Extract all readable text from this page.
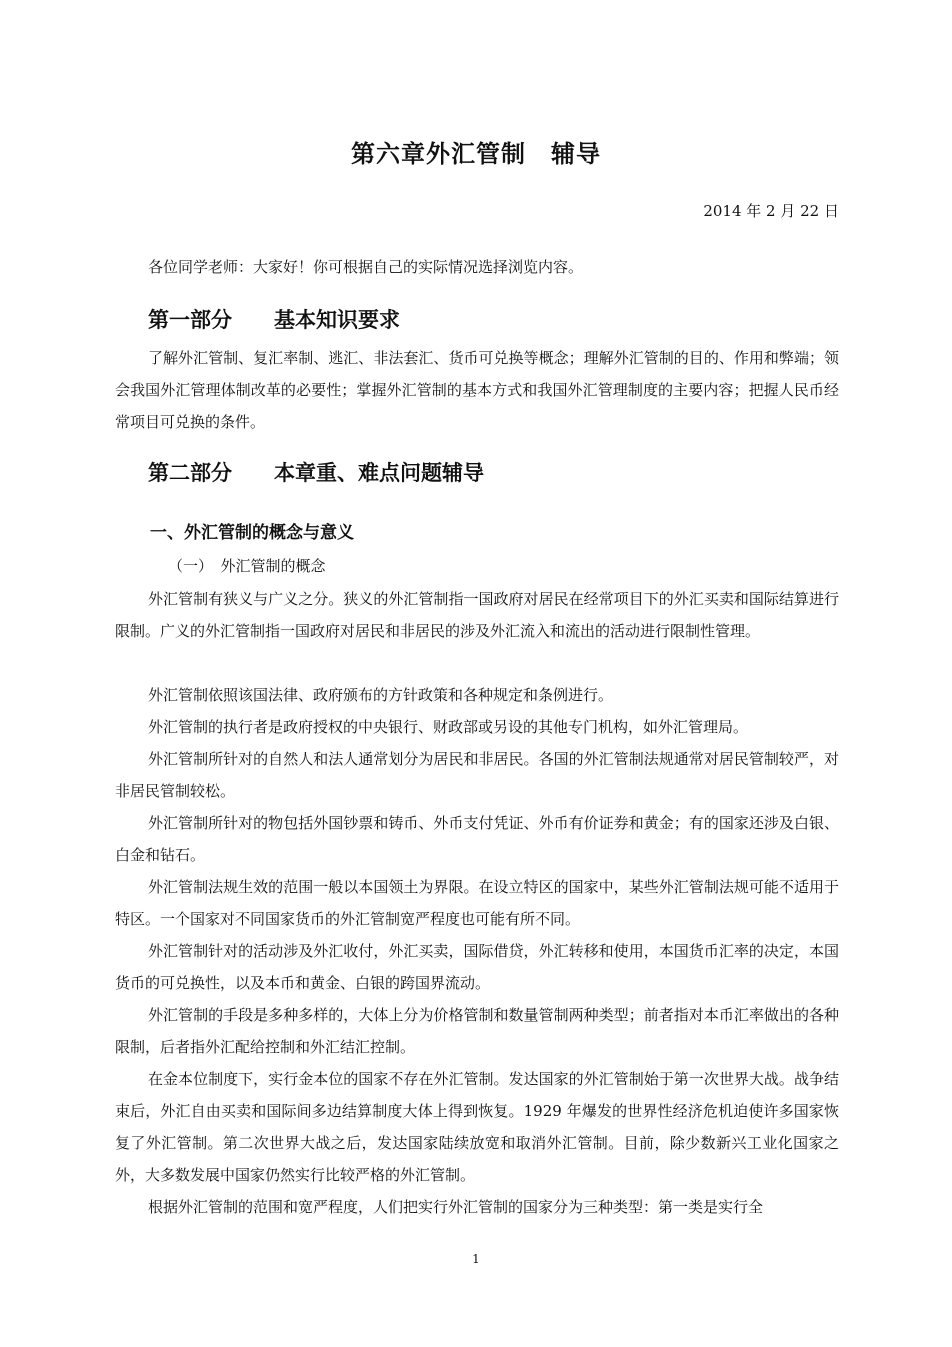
第六章外汇管制　辅导
2014 年 2 月 22 日
各位同学老师：大家好！你可根据自己的实际情况选择浏览内容。
第一部分　　基本知识要求

了解外汇管制、复汇率制、逃汇、非法套汇、货币可兑换等概念；理解外汇管制的目的、作用和弊端；领会我国外汇管理体制改革的必要性；掌握外汇管制的基本方式和我国外汇管理制度的主要内容；把握人民币经常项目可兑换的条件。

第二部分　　本章重、难点问题辅导
一、外汇管制的概念与意义
（一）　外汇管制的概念

外汇管制有狭义与广义之分。狭义的外汇管制指一国政府对居民在经常项目下的外汇买卖和国际结算进行限制。广义的外汇管制指一国政府对居民和非居民的涉及外汇流入和流出的活动进行限制性管理。

外汇管制依照该国法律、政府颁布的方针政策和各种规定和条例进行。

外汇管制的执行者是政府授权的中央银行、财政部或另设的其他专门机构，如外汇管理局。

外汇管制所针对的自然人和法人通常划分为居民和非居民。各国的外汇管制法规通常对居民管制较严，对非居民管制较松。

外汇管制所针对的物包括外国钞票和铸币、外币支付凭证、外币有价证券和黄金；有的国家还涉及白银、白金和钻石。

外汇管制法规生效的范围一般以本国领土为界限。在设立特区的国家中，某些外汇管制法规可能不适用于特区。一个国家对不同国家货币的外汇管制宽严程度也可能有所不同。

外汇管制针对的活动涉及外汇收付，外汇买卖，国际借贷，外汇转移和使用，本国货币汇率的决定，本国货币的可兑换性，以及本币和黄金、白银的跨国界流动。

外汇管制的手段是多种多样的，大体上分为价格管制和数量管制两种类型；前者指对本币汇率做出的各种限制，后者指外汇配给控制和外汇结汇控制。

在金本位制度下，实行金本位的国家不存在外汇管制。发达国家的外汇管制始于第一次世界大战。战争结束后，外汇自由买卖和国际间多边结算制度大体上得到恢复。1929 年爆发的世界性经济危机迫使许多国家恢复了外汇管制。第二次世界大战之后，发达国家陆续放宽和取消外汇管制。目前，除少数新兴工业化国家之外，大多数发展中国家仍然实行比较严格的外汇管制。

根据外汇管制的范围和宽严程度，人们把实行外汇管制的国家分为三种类型：第一类是实行全

1
